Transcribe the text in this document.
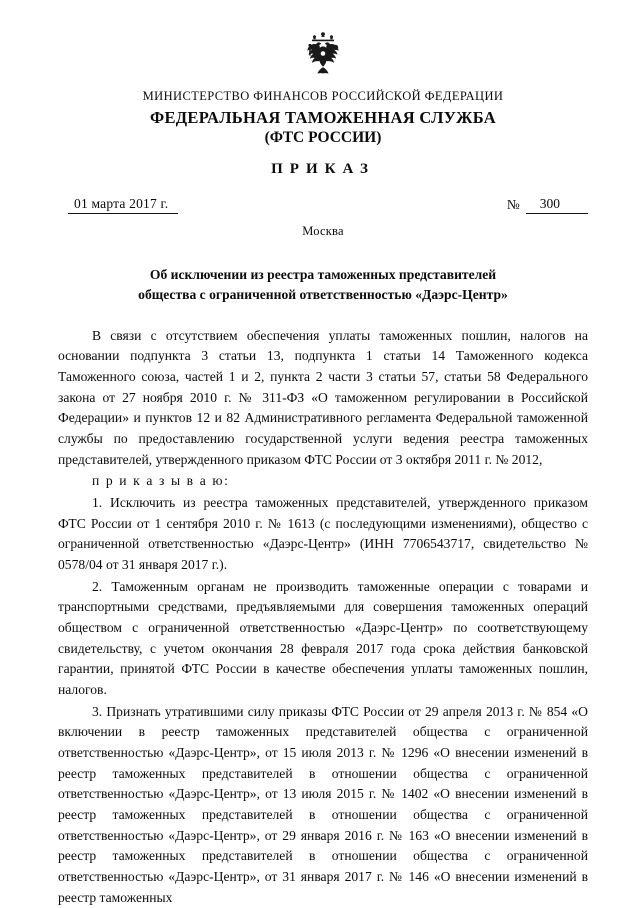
МИНИСТЕРСТВО ФИНАНСОВ РОССИЙСКОЙ ФЕДЕРАЦИИ
ФЕДЕРАЛЬНАЯ ТАМОЖЕННАЯ СЛУЖБА
(ФТС РОССИИ)
ПРИКАЗ
01 марта 2017 г.	№	300
Москва
Об исключении из реестра таможенных представителей
общества с ограниченной ответственностью «Даэрс-Центр»

В связи с отсутствием обеспечения уплаты таможенных пошлин, налогов на основании подпункта 3 статьи 13, подпункта 1 статьи 14 Таможенного кодекса Таможенного союза, частей 1 и 2, пункта 2 части 3 статьи 57, статьи 58 Федерального закона от 27 ноября 2010 г. № 311-ФЗ «О таможенном регулировании в Российской Федерации» и пунктов 12 и 82 Административного регламента Федеральной таможенной службы по предоставлению государственной услуги ведения реестра таможенных представителей, утвержденного приказом ФТС России от 3 октября 2011 г. № 2012,

п р и к а з ы в а ю:

1. Исключить из реестра таможенных представителей, утвержденного приказом ФТС России от 1 сентября 2010 г. № 1613 (с последующими изменениями), общество с ограниченной ответственностью «Даэрс-Центр» (ИНН 7706543717, свидетельство № 0578/04 от 31 января 2017 г.).

2. Таможенным органам не производить таможенные операции с товарами и транспортными средствами, предъявляемыми для совершения таможенных операций обществом с ограниченной ответственностью «Даэрс-Центр» по соответствующему свидетельству, с учетом окончания 28 февраля 2017 года срока действия банковской гарантии, принятой ФТС России в качестве обеспечения уплаты таможенных пошлин, налогов.

3. Признать утратившими силу приказы ФТС России от 29 апреля 2013 г. № 854 «О включении в реестр таможенных представителей общества с ограниченной ответственностью «Даэрс-Центр», от 15 июля 2013 г. № 1296 «О внесении изменений в реестр таможенных представителей в отношении общества с ограниченной ответственностью «Даэрс-Центр», от 13 июля 2015 г. № 1402 «О внесении изменений в реестр таможенных представителей в отношении общества с ограниченной ответственностью «Даэрс-Центр», от 29 января 2016 г. № 163 «О внесении изменений в реестр таможенных представителей в отношении общества с ограниченной ответственностью «Даэрс-Центр», от 31 января 2017 г. № 146 «О внесении изменений в реестр таможенных
